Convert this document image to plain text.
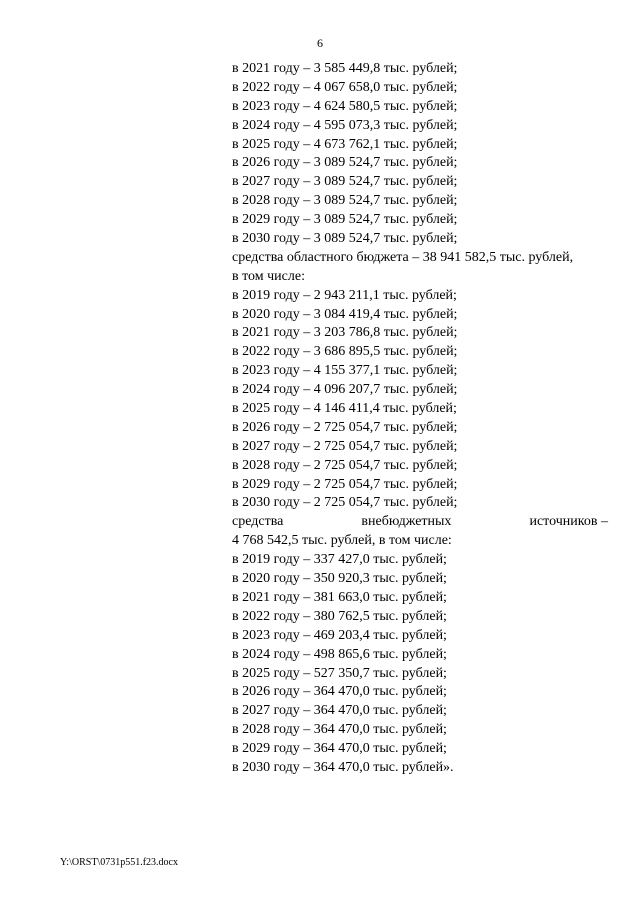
6
в 2021 году – 3 585 449,8 тыс. рублей;
в 2022 году – 4 067 658,0 тыс. рублей;
в 2023 году – 4 624 580,5 тыс. рублей;
в 2024 году – 4 595 073,3 тыс. рублей;
в 2025 году – 4 673 762,1 тыс. рублей;
в 2026 году – 3 089 524,7 тыс. рублей;
в 2027 году – 3 089 524,7 тыс. рублей;
в 2028 году – 3 089 524,7 тыс. рублей;
в 2029 году – 3 089 524,7 тыс. рублей;
в 2030 году – 3 089 524,7 тыс. рублей;
средства областного бюджета – 38 941 582,5 тыс. рублей,
в том числе:
в 2019 году – 2 943 211,1 тыс. рублей;
в 2020 году – 3 084 419,4 тыс. рублей;
в 2021 году – 3 203 786,8 тыс. рублей;
в 2022 году – 3 686 895,5 тыс. рублей;
в 2023 году – 4 155 377,1 тыс. рублей;
в 2024 году – 4 096 207,7 тыс. рублей;
в 2025 году – 4 146 411,4 тыс. рублей;
в 2026 году – 2 725 054,7 тыс. рублей;
в 2027 году – 2 725 054,7 тыс. рублей;
в 2028 году – 2 725 054,7 тыс. рублей;
в 2029 году – 2 725 054,7 тыс. рублей;
в 2030 году – 2 725 054,7 тыс. рублей;
средства	внебюджетных	источников –
4 768 542,5 тыс. рублей, в том числе:
в 2019 году – 337 427,0 тыс. рублей;
в 2020 году – 350 920,3 тыс. рублей;
в 2021 году – 381 663,0 тыс. рублей;
в 2022 году – 380 762,5 тыс. рублей;
в 2023 году – 469 203,4 тыс. рублей;
в 2024 году – 498 865,6 тыс. рублей;
в 2025 году – 527 350,7 тыс. рублей;
в 2026 году – 364 470,0 тыс. рублей;
в 2027 году – 364 470,0 тыс. рублей;
в 2028 году – 364 470,0 тыс. рублей;
в 2029 году – 364 470,0 тыс. рублей;
в 2030 году – 364 470,0 тыс. рублей».
Y:\ORST\0731p551.f23.docx
